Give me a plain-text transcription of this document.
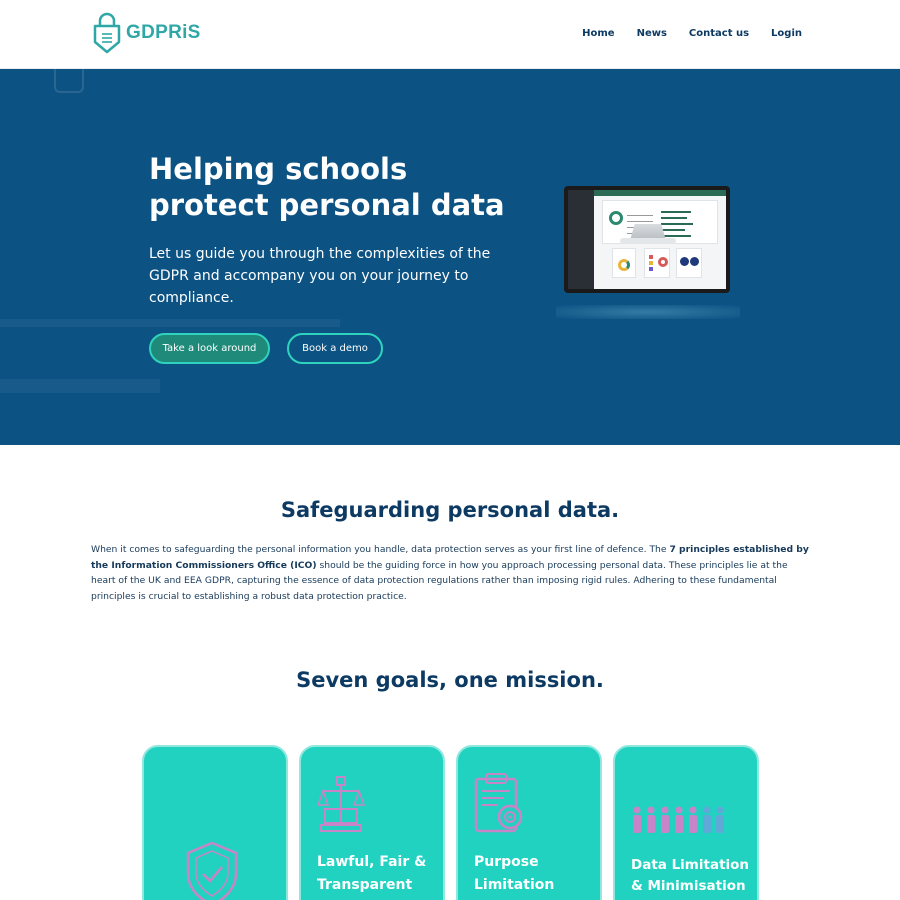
GDPRiS	Home News Contact us Login
Helping schools protect personal data

Let us guide you through the complexities of the GDPR and accompany you on your journey to compliance.

Take a look around	Book a demo
Safeguarding personal data.

When it comes to safeguarding the personal information you handle, data protection serves as your first line of defence. The 7 principles established by the Information Commissioners Office (ICO) should be the guiding force in how you approach processing personal data. These principles lie at the heart of the UK and EEA GDPR, capturing the essence of data protection regulations rather than imposing rigid rules. Adhering to these fundamental principles is crucial to establishing a robust data protection practice.

Seven goals, one mission.
Lawful, Fair & Transparent
Purpose Limitation
Data Limitation & Minimisation
